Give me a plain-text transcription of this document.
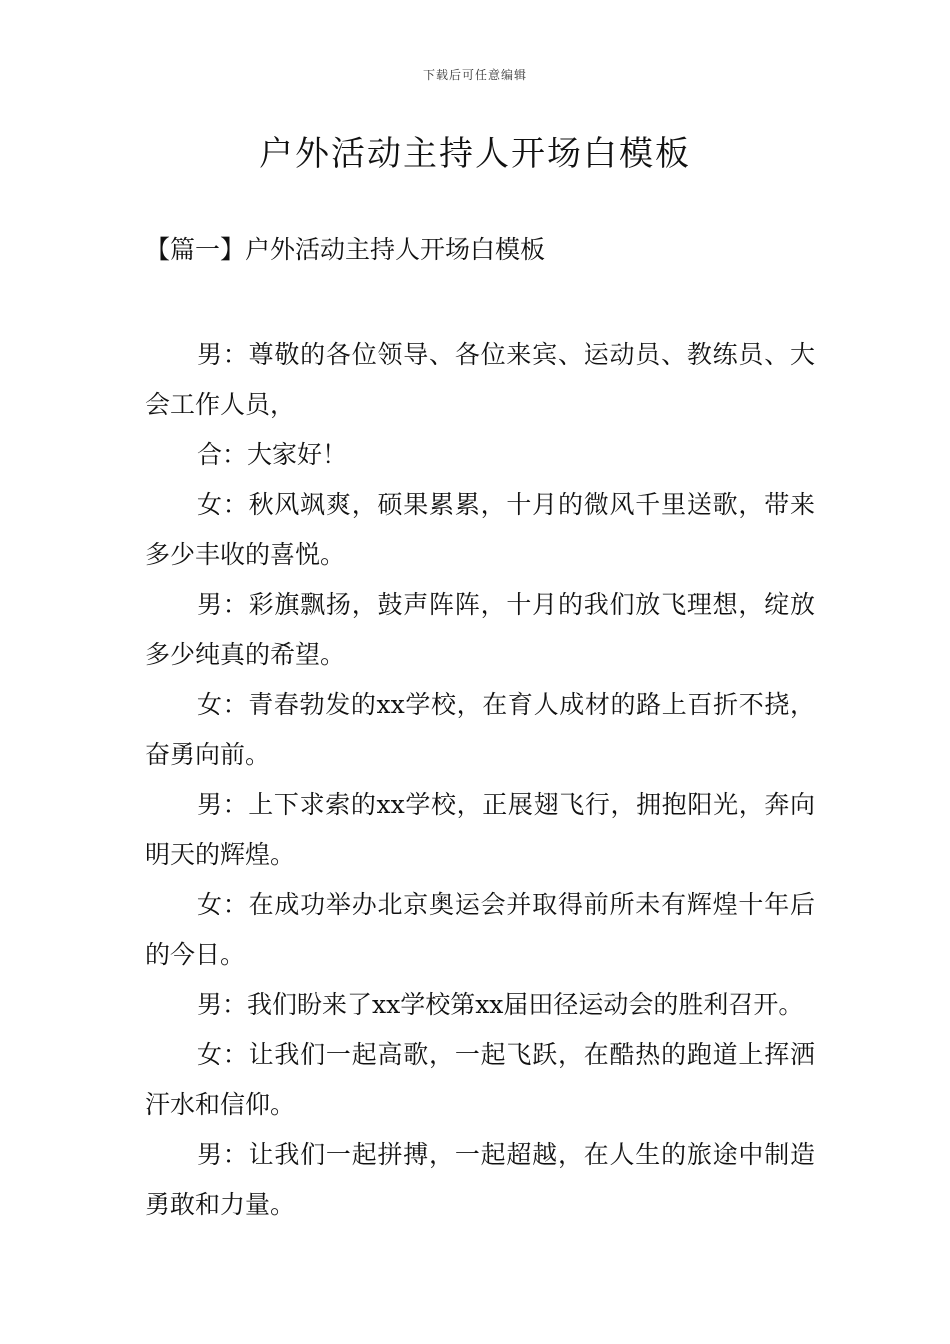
下载后可任意编辑
户外活动主持人开场白模板
【篇一】户外活动主持人开场白模板

男：尊敬的各位领导、各位来宾、运动员、教练员、大会工作人员，

合：大家好！

女：秋风飒爽，硕果累累，十月的微风千里送歌，带来多少丰收的喜悦。

男：彩旗飘扬，鼓声阵阵，十月的我们放飞理想，绽放多少纯真的希望。

女：青春勃发的xx学校，在育人成材的路上百折不挠，奋勇向前。

男：上下求索的xx学校，正展翅飞行，拥抱阳光，奔向明天的辉煌。

女：在成功举办北京奥运会并取得前所未有辉煌十年后的今日。

男：我们盼来了xx学校第xx届田径运动会的胜利召开。

女：让我们一起高歌，一起飞跃，在酷热的跑道上挥洒汗水和信仰。

男：让我们一起拼搏，一起超越，在人生的旅途中制造勇敢和力量。
